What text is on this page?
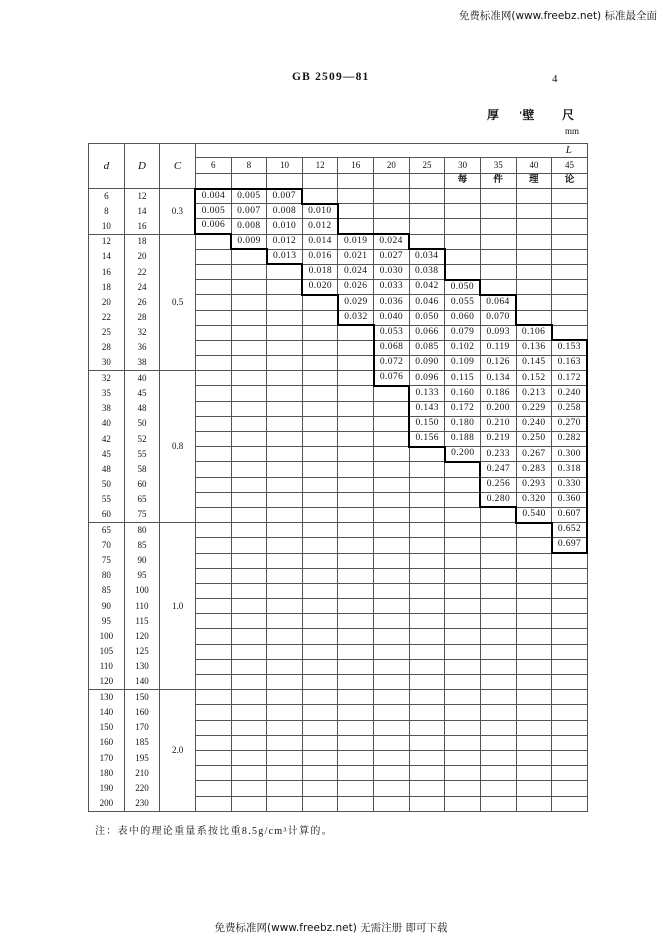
免费标准网(www.freebz.net) 标准最全面
GB 2509—81	4
厚 '壁 尺
mm
d	D	C	L										
			6	8	10	12	16	20	25	30	35	40	45
										每	件	理	论
6	12	0.3	0.004	0.005	0.007								
8	14		0.005	0.007	0.008	0.010							
10	16		0.006	0.008	0.010	0.012							
12	18	0.5		0.009	0.012	0.014	0.019	0.024					
14	20				0.013	0.016	0.021	0.027	0.034				
16	22					0.018	0.024	0.030	0.038				
18	24					0.020	0.026	0.033	0.042	0.050			
20	26						0.029	0.036	0.046	0.055	0.064		
22	28						0.032	0.040	0.050	0.060	0.070		
25	32							0.053	0.066	0.079	0.093	0.106	
28	36							0.068	0.085	0.102	0.119	0.136	0.153
30	38							0.072	0.090	0.109	0.126	0.145	0.163
32	40	0.8						0.076	0.096	0.115	0.134	0.152	0.172
35	45								0.133	0.160	0.186	0.213	0.240
38	48								0.143	0.172	0.200	0.229	0.258
40	50								0.150	0.180	0.210	0.240	0.270
42	52								0.156	0.188	0.219	0.250	0.282
45	55									0.200	0.233	0.267	0.300
48	58										0.247	0.283	0.318
50	60										0.256	0.293	0.330
55	65										0.280	0.320	0.360
60	75											0.540	0.607
65	80	1.0											0.652
70	85												0.697
75	90												
80	95												
85	100												
90	110												
95	115												
100	120												
105	125												
110	130												
120	140												
130	150	2.0											
140	160												
150	170												
160	185												
170	195												
180	210												
190	220												
200	230												
注：表中的理论重量系按比重8.5g/cm³计算的。
免费标准网(www.freebz.net) 无需注册 即可下载
